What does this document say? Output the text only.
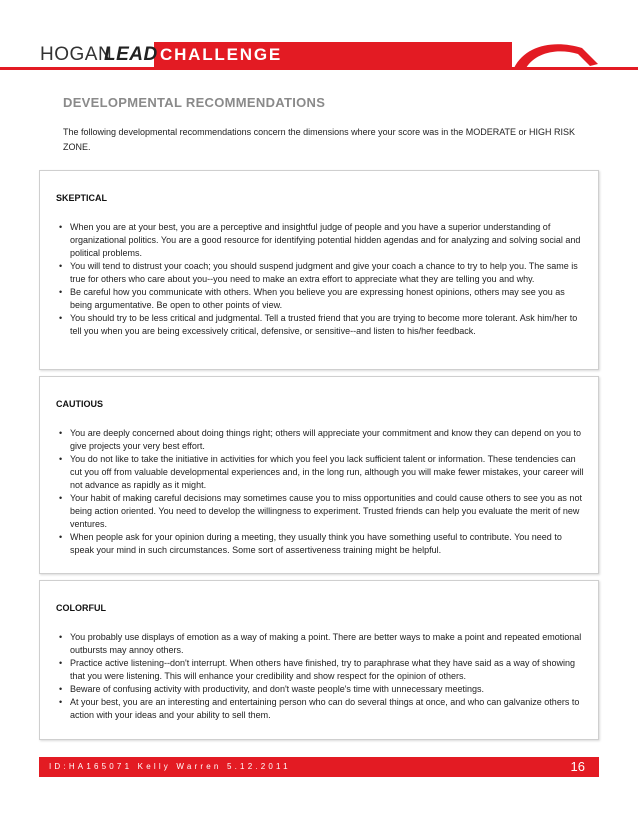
HOGAN
LEAD CHALLENGE
DEVELOPMENTAL RECOMMENDATIONS

The following developmental recommendations concern the dimensions where your score was in the MODERATE or HIGH RISK ZONE.

SKEPTICAL
• When you are at your best, you are a perceptive and insightful judge of people and you have a superior understanding of organizational politics. You are a good resource for identifying potential hidden agendas and for analyzing and solving social and political problems.
• You will tend to distrust your coach; you should suspend judgment and give your coach a chance to try to help you. The same is true for others who care about you--you need to make an extra effort to appreciate what they are telling you and why.
• Be careful how you communicate with others. When you believe you are expressing honest opinions, others may see you as being argumentative. Be open to other points of view.
• You should try to be less critical and judgmental. Tell a trusted friend that you are trying to become more tolerant. Ask him/her to tell you when you are being excessively critical, defensive, or sensitive--and listen to his/her feedback.
CAUTIOUS
• You are deeply concerned about doing things right; others will appreciate your commitment and know they can depend on you to give projects your very best effort.
• You do not like to take the initiative in activities for which you feel you lack sufficient talent or information. These tendencies can cut you off from valuable developmental experiences and, in the long run, although you will make fewer mistakes, your career will not advance as rapidly as it might.
• Your habit of making careful decisions may sometimes cause you to miss opportunities and could cause others to see you as not being action oriented. You need to develop the willingness to experiment. Trusted friends can help you evaluate the merit of new ventures.
• When people ask for your opinion during a meeting, they usually think you have something useful to contribute. You need to speak your mind in such circumstances. Some sort of assertiveness training might be helpful.
COLORFUL
• You probably use displays of emotion as a way of making a point. There are better ways to make a point and repeated emotional outbursts may annoy others.
• Practice active listening--don't interrupt. When others have finished, try to paraphrase what they have said as a way of showing that you were listening. This will enhance your credibility and show respect for the opinion of others.
• Beware of confusing activity with productivity, and don't waste people's time with unnecessary meetings.
• At your best, you are an interesting and entertaining person who can do several things at once, and who can galvanize others to action with your ideas and your ability to sell them.
ID:HA165071 Kelly Warren 5.12.2011	16
